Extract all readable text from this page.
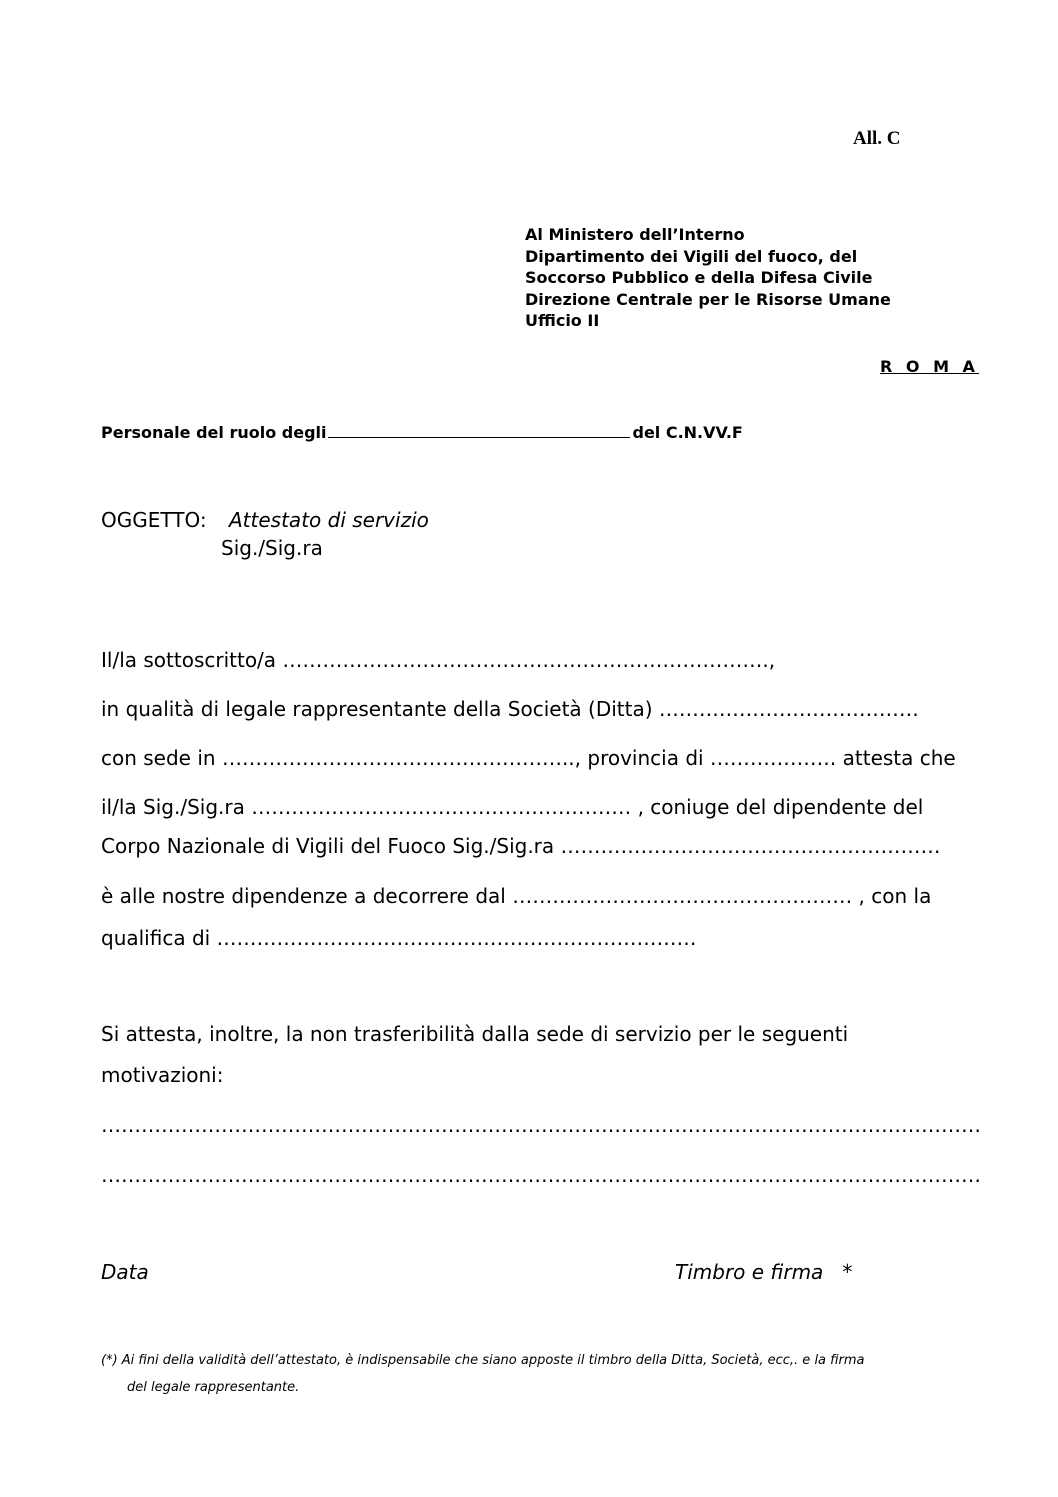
All. C
Al Ministero dell’Interno
Dipartimento dei Vigili del fuoco, del
Soccorso Pubblico e della Difesa Civile
Direzione Centrale per le Risorse Umane
Ufficio II
R O M A
Personale del ruolo degli	del C.N.VV.F
OGGETTO: Attestato di servizio
Sig./Sig.ra
Il/la sottoscritto/a ……………………………………………………………….,
in qualità di legale rappresentante della Società (Ditta) …………………………………
con sede in …………………………………………….., provincia di ………………. attesta che
il/la Sig./Sig.ra ………………………………………………… , coniuge del dipendente del
Corpo Nazionale di Vigili del Fuoco Sig./Sig.ra …………………………………………………
è alle nostre dipendenze a decorrere dal …………………………………………… , con la
qualifica di ………………………………………………………………
Si attesta, inoltre, la non trasferibilità dalla sede di servizio per le seguenti
motivazioni:
……………………………………………………………………………………………………………………
……………………………………………………………………………………………………………………
Data	Timbro e firma   *
(*) Ai fini della validità dell’attestato, è indispensabile che siano apposte il timbro della Ditta, Società, ecc,. e la firma
del legale rappresentante.
